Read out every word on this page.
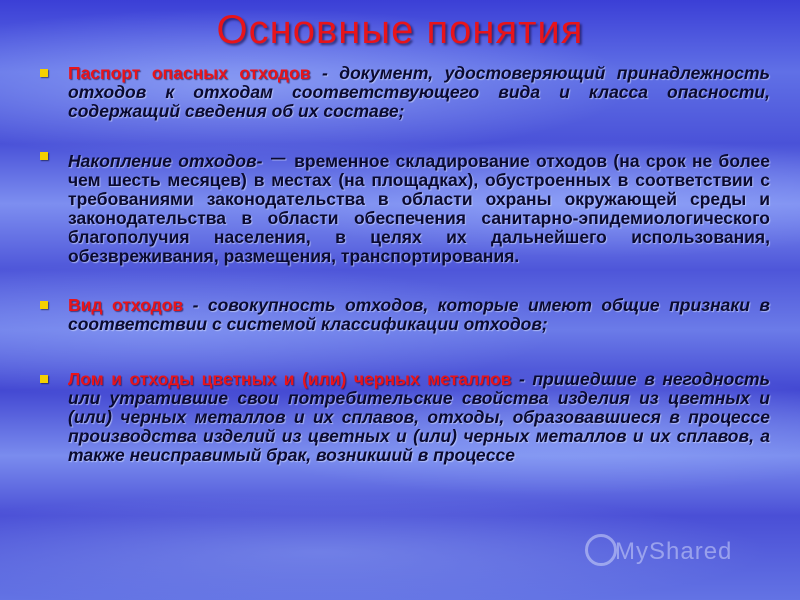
Основные понятия
Паспорт опасных отходов - документ, удостоверяющий принадлежность отходов к отходам соответствующего вида и класса опасности, содержащий сведения об их составе;
Накопление отходов- – временное складирование отходов (на срок не более чем шесть месяцев) в местах (на площадках), обустроенных в соответствии с требованиями законодательства в области охраны окружающей среды и законодательства в области обеспечения санитарно-эпидемиологического благополучия населения, в целях их дальнейшего использования, обезвреживания, размещения, транспортирования.
Вид отходов - совокупность отходов, которые имеют общие признаки в соответствии с системой классификации отходов;
Лом и отходы цветных и (или) черных металлов - пришедшие в негодность или утратившие свои потребительские свойства изделия из цветных и (или) черных металлов и их сплавов, отходы, образовавшиеся в процессе производства изделий из цветных и (или) черных металлов и их сплавов, а также неисправимый брак, возникший в процессе
MyShared
